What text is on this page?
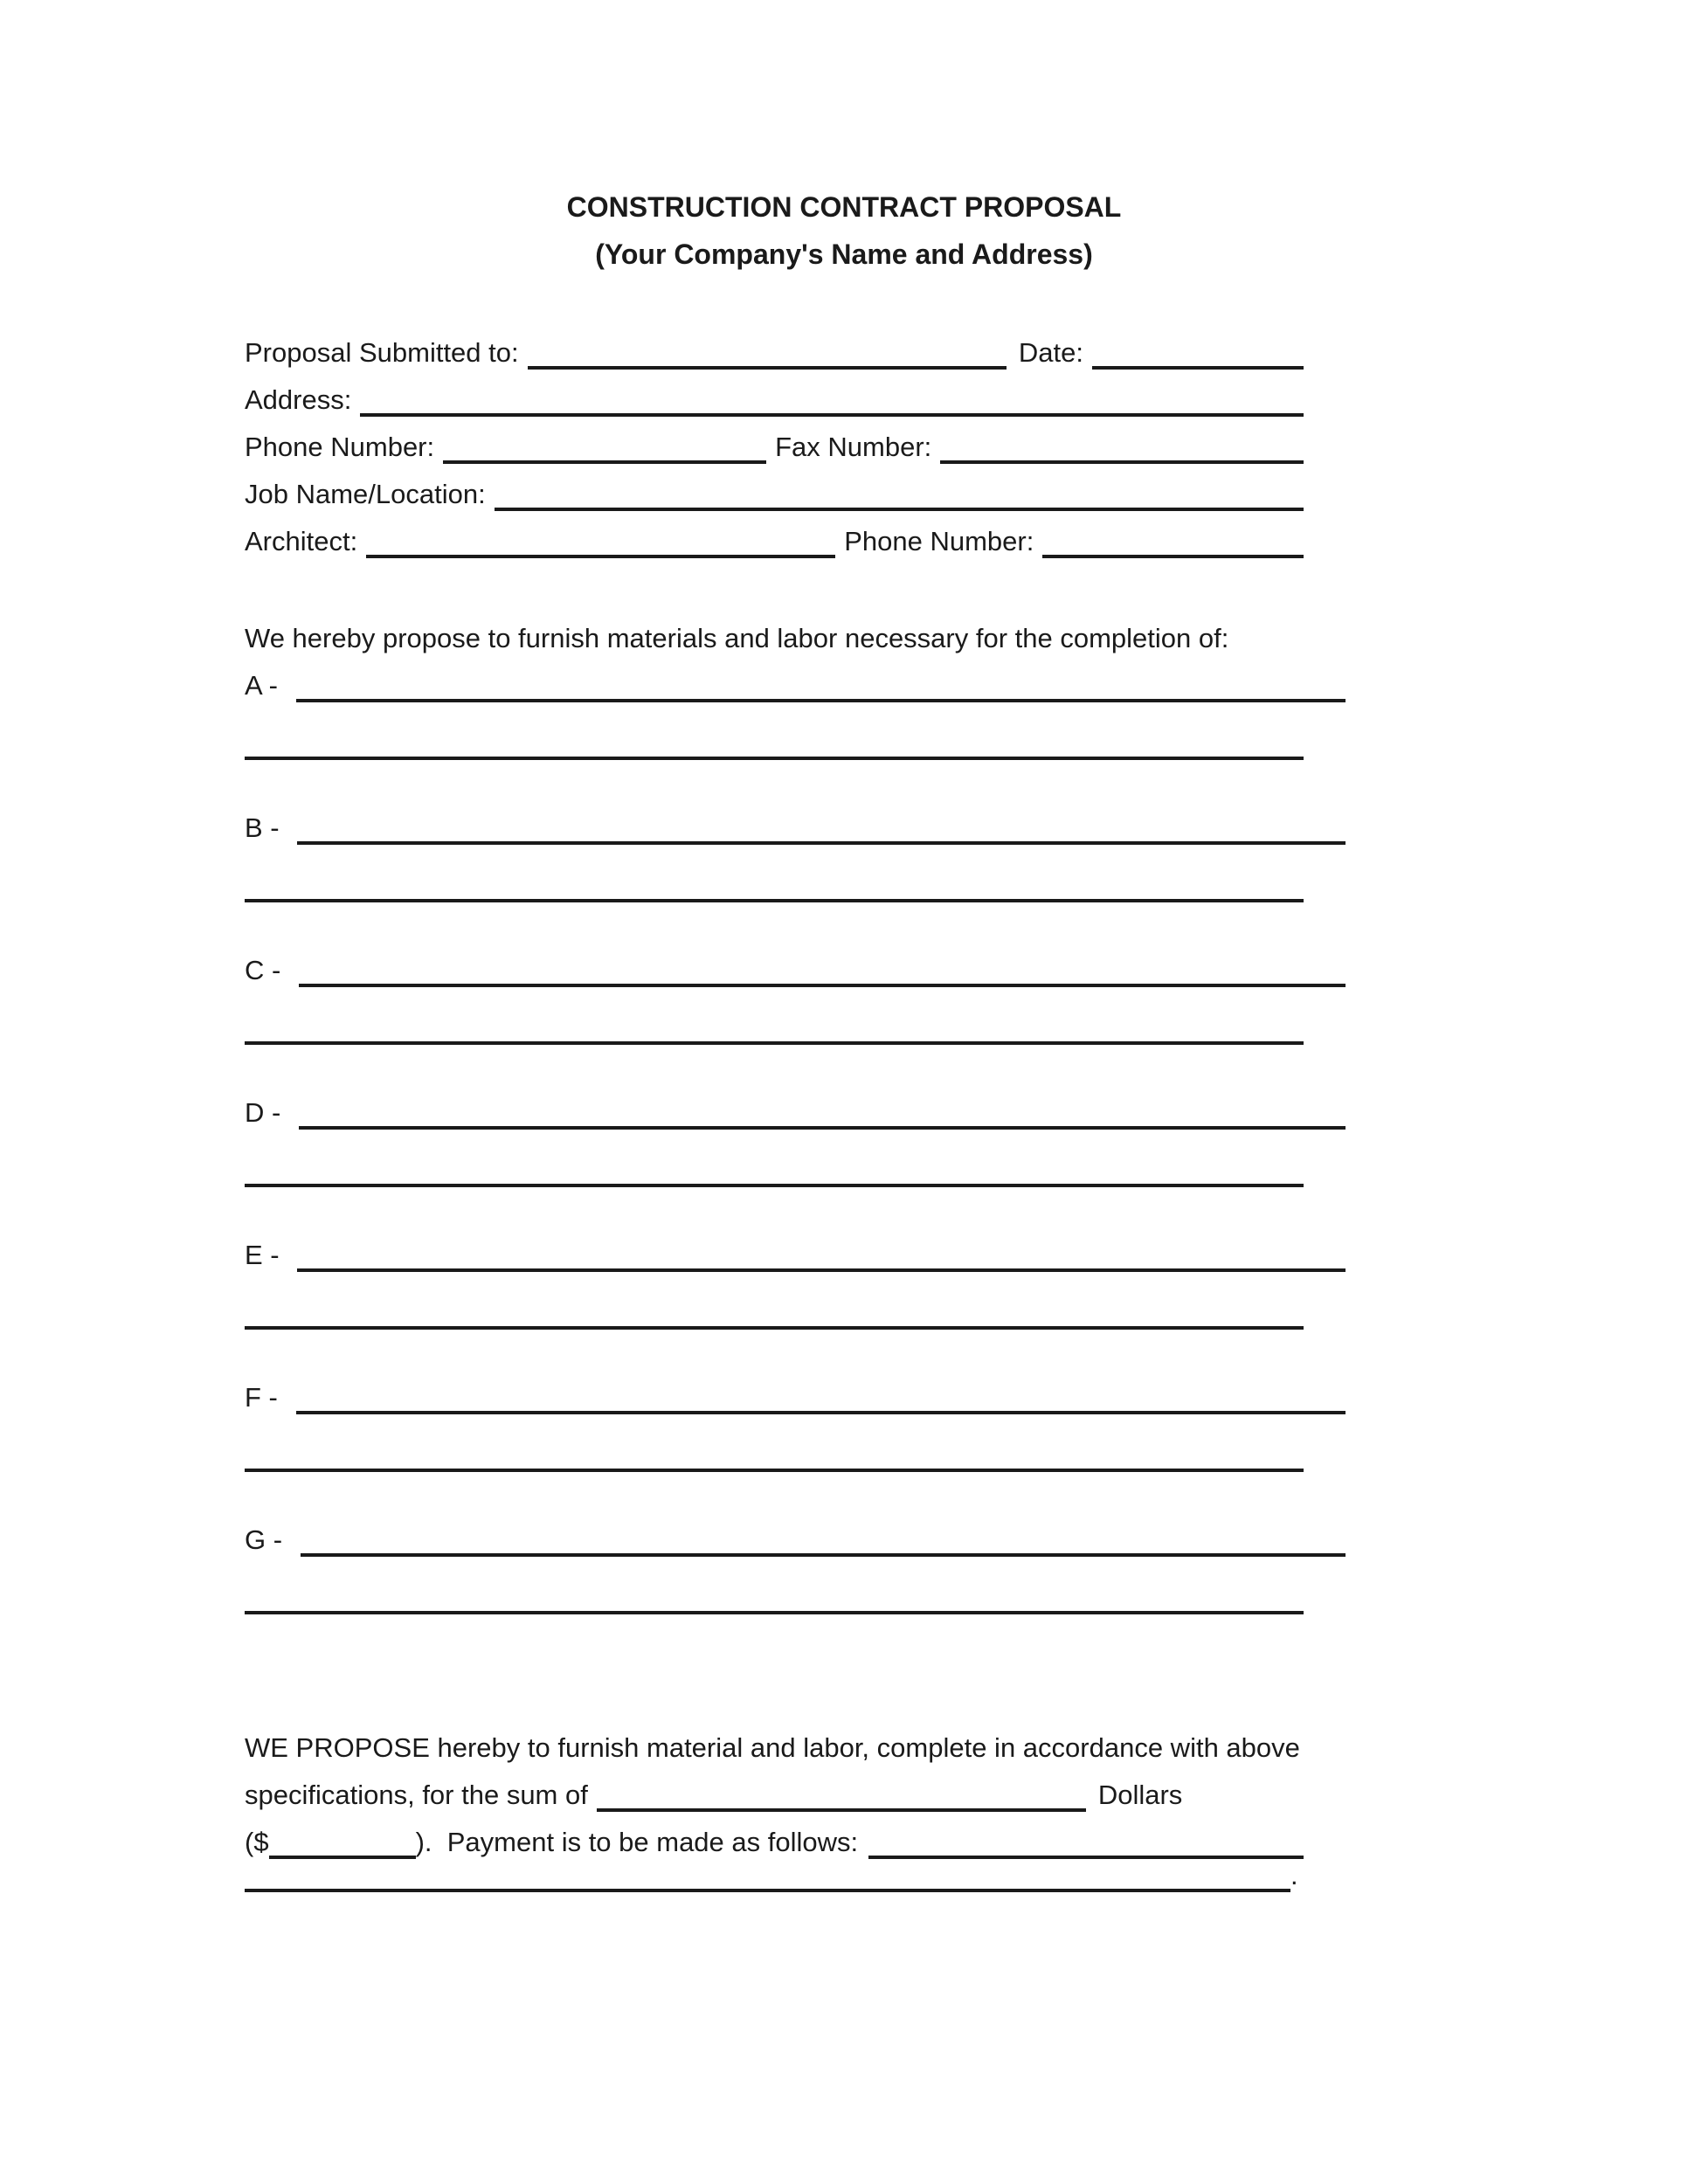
CONSTRUCTION CONTRACT PROPOSAL
(Your Company's Name and Address)
Proposal Submitted to:	Date:
Address:
Phone Number:	Fax Number:
Job Name/Location:
Architect:	Phone Number:
We hereby propose to furnish materials and labor necessary for the completion of:
A -
B -
C -
D -
E -
F -
G -
WE PROPOSE hereby to furnish material and labor, complete in accordance with above
specifications, for the sum of	Dollars
($	).  Payment is to be made as follows:
.
